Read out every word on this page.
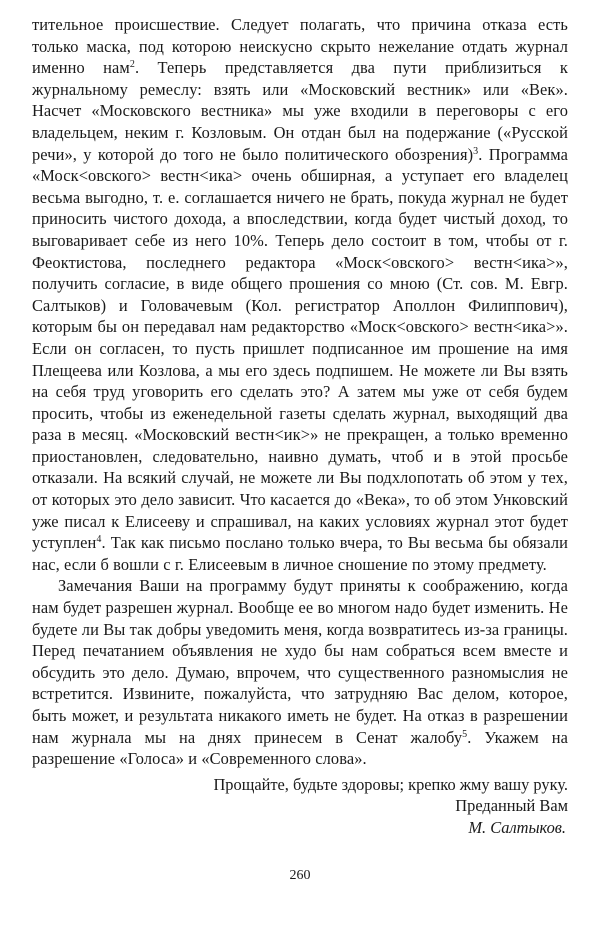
тительное происшествие. Следует полагать, что причина отказа есть только маска, под которою неискусно скрыто нежелание отдать журнал именно нам$^2$. Теперь представляется два пути приблизиться к журнальному ремеслу: взять или «Московский вестник» или «Век». Насчет «Московского вестника» мы уже входили в переговоры с его владельцем, неким г. Козловым. Он отдан был на подержание («Русской речи», у которой до того не было политического обозрения)$^3$. Программа «Моск<овского> вестн<ика> очень обширная, а уступает его владелец весьма выгодно, т. е. соглашается ничего не брать, покуда журнал не будет приносить чистого дохода, а впоследствии, когда будет чистый доход, то выговаривает себе из него 10%. Теперь дело состоит в том, чтобы от г. Феоктистова, последнего редактора «Моск<овского> вестн<ика>», получить согласие, в виде общего прошения со мною (Ст. сов. М. Евгр. Салтыков) и Головачевым (Кол. регистратор Аполлон Филиппович), которым бы он передавал нам редакторство «Моск<овского> вестн<ика>». Если он согласен, то пусть пришлет подписанное им прошение на имя Плещеева или Козлова, а мы его здесь подпишем. Не можете ли Вы взять на себя труд уговорить его сделать это? А затем мы уже от себя будем просить, чтобы из еженедельной газеты сделать журнал, выходящий два раза в месяц. «Московский вестн<ик>» не прекращен, а только временно приостановлен, следовательно, наивно думать, чтоб и в этой просьбе отказали. На всякий случай, не можете ли Вы подхлопотать об этом у тех, от которых это дело зависит. Что касается до «Века», то об этом Унковский уже писал к Елисееву и спрашивал, на каких условиях журнал этот будет уступлен$^4$. Так как письмо послано только вчера, то Вы весьма бы обязали нас, если б вошли с г. Елисеевым в личное сношение по этому предмету.

Замечания Ваши на программу будут приняты к соображению, когда нам будет разрешен журнал. Вообще ее во многом надо будет изменить. Не будете ли Вы так добры уведомить меня, когда возвратитесь из-за границы. Перед печатанием объявления не худо бы нам собраться всем вместе и обсудить это дело. Думаю, впрочем, что существенного разномыслия не встретится. Извините, пожалуйста, что затрудняю Вас делом, которое, быть может, и результата никакого иметь не будет. На отказ в разрешении нам журнала мы на днях принесем в Сенат жалобу$^5$. Укажем на разрешение «Голоса» и «Современного слова».

Прощайте, будьте здоровы; крепко жму вашу руку.
Преданный Вам
М. Салтыков.
260
